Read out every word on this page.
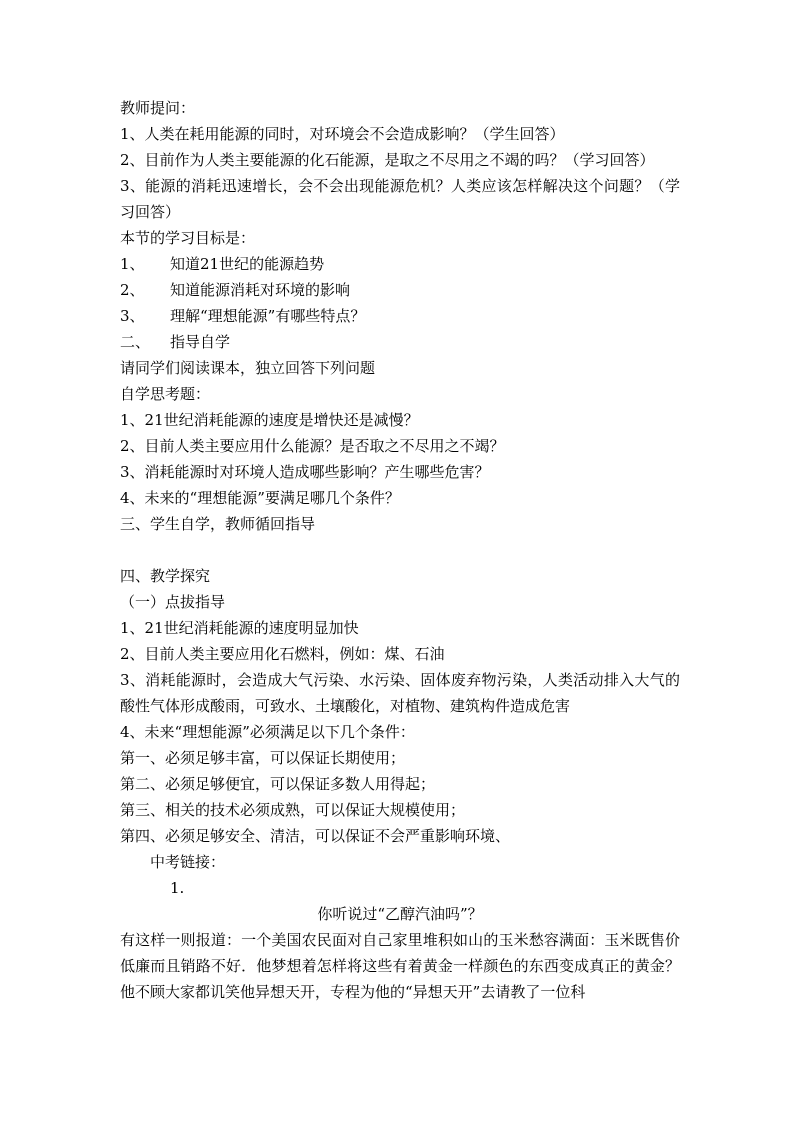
教师提问：
1、人类在耗用能源的同时，对环境会不会造成影响？（学生回答）
2、目前作为人类主要能源的化石能源，是取之不尽用之不竭的吗？（学习回答）
3、能源的消耗迅速增长，会不会出现能源危机？人类应该怎样解决这个问题？（学习回答）
本节的学习目标是：
1、 知道21世纪的能源趋势
2、 知道能源消耗对环境的影响
3、 理解“理想能源”有哪些特点？
二、 指导自学
请同学们阅读课本，独立回答下列问题
自学思考题：
1、21世纪消耗能源的速度是增快还是减慢？
2、目前人类主要应用什么能源？是否取之不尽用之不竭？
3、消耗能源时对环境人造成哪些影响？产生哪些危害？
4、未来的“理想能源”要满足哪几个条件？
三、学生自学，教师循回指导
四、教学探究
（一）点拔指导
1、21世纪消耗能源的速度明显加快
2、目前人类主要应用化石燃料，例如：煤、石油
3、消耗能源时，会造成大气污染、水污染、固体废弃物污染，人类活动排入大气的酸性气体形成酸雨，可致水、土壤酸化，对植物、建筑构件造成危害
4、未来“理想能源”必须满足以下几个条件：
第一、必须足够丰富，可以保证长期使用；
第二、必须足够便宜，可以保证多数人用得起；
第三、相关的技术必须成熟，可以保证大规模使用；
第四、必须足够安全、清洁，可以保证不会严重影响环境、
中考链接：
1.
你听说过“乙醇汽油吗”？
有这样一则报道：一个美国农民面对自己家里堆积如山的玉米愁容满面：玉米既售价低廉而且销路不好．他梦想着怎样将这些有着黄金一样颜色的东西变成真正的黄金？他不顾大家都讥笑他异想天开，专程为他的“异想天开”去请教了一位科
